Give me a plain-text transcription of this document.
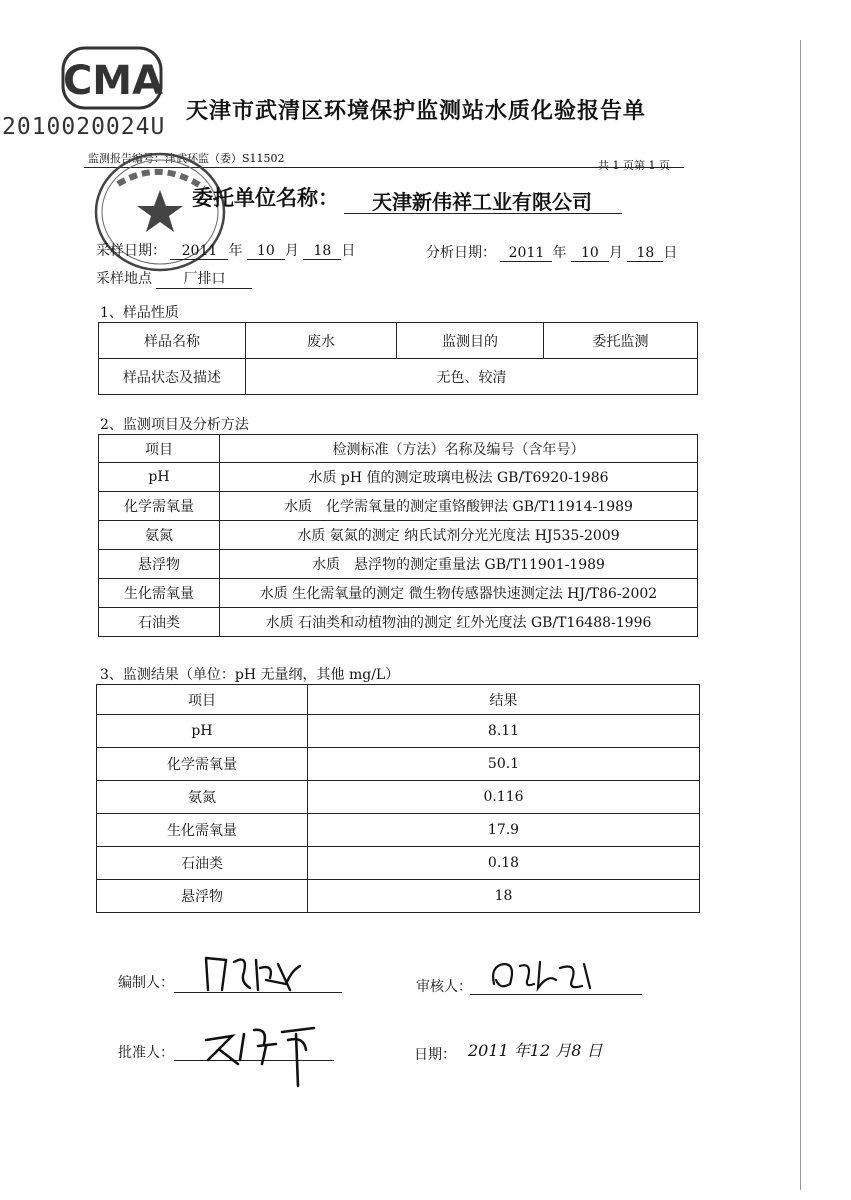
CMA
2010020024U
天津市武清区环境保护监测站水质化验报告单
监测报告编号：津武环监（委）S11502
共 1 页第 1 页
委托单位名称： 天津新伟祥工业有限公司
采样日期： 2011 年 10 月 18 日	分析日期： 2011 年 10 月 18 日
采样地点 厂排口
1、样品性质
样品名称	废水	监测目的	委托监测
样品状态及描述	无色、较清		
2、监测项目及分析方法
项目	检测标准（方法）名称及编号（含年号）
pH	水质 pH 值的测定玻璃电极法 GB/T6920-1986
化学需氧量	水质　化学需氧量的测定重铬酸钾法 GB/T11914-1989
氨氮	水质 氨氮的测定 纳氏试剂分光光度法 HJ535-2009
悬浮物	水质　悬浮物的测定重量法 GB/T11901-1989
生化需氧量	水质 生化需氧量的测定 微生物传感器快速测定法 HJ/T86-2002
石油类	水质 石油类和动植物油的测定 红外光度法 GB/T16488-1996
3、监测结果（单位：pH 无量纲，其他 mg/L）
项目	结果
pH	8.11
化学需氧量	50.1
氨氮	0.116
生化需氧量	17.9
石油类	0.18
悬浮物	18
编制人：	审核人：
批准人：	日期： 2011 年12 月8 日
